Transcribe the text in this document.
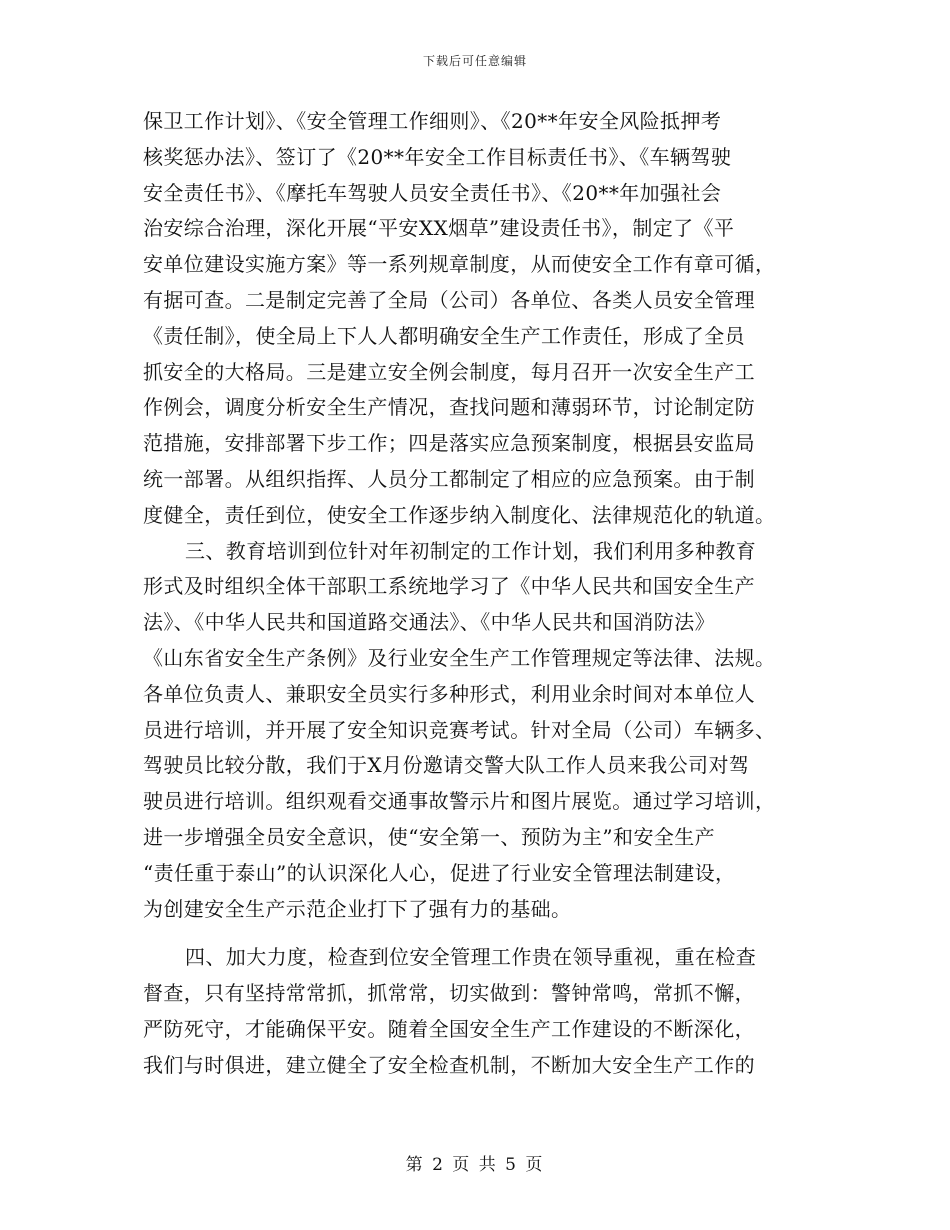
下载后可任意编辑
保卫工作计划》、《安全管理工作细则》、《20**年安全风险抵押考
核奖惩办法》、签订了《20**年安全工作目标责任书》、《车辆驾驶
安全责任书》、《摩托车驾驶人员安全责任书》、《20**年加强社会
治安综合治理，深化开展“平安XX烟草”建设责任书》，制定了《平
安单位建设实施方案》等一系列规章制度，从而使安全工作有章可循，
有据可查。二是制定完善了全局（公司）各单位、各类人员安全管理
《责任制》，使全局上下人人都明确安全生产工作责任，形成了全员
抓安全的大格局。三是建立安全例会制度，每月召开一次安全生产工
作例会，调度分析安全生产情况，查找问题和薄弱环节，讨论制定防
范措施，安排部署下步工作；四是落实应急预案制度，根据县安监局
统一部署。从组织指挥、人员分工都制定了相应的应急预案。由于制
度健全，责任到位，使安全工作逐步纳入制度化、法律规范化的轨道。
三、教育培训到位针对年初制定的工作计划，我们利用多种教育
形式及时组织全体干部职工系统地学习了《中华人民共和国安全生产
法》、《中华人民共和国道路交通法》、《中华人民共和国消防法》
《山东省安全生产条例》及行业安全生产工作管理规定等法律、法规。
各单位负责人、兼职安全员实行多种形式，利用业余时间对本单位人
员进行培训，并开展了安全知识竞赛考试。针对全局（公司）车辆多、
驾驶员比较分散，我们于X月份邀请交警大队工作人员来我公司对驾
驶员进行培训。组织观看交通事故警示片和图片展览。通过学习培训，
进一步增强全员安全意识，使“安全第一、预防为主”和安全生产
“责任重于泰山”的认识深化人心，促进了行业安全管理法制建设，
为创建安全生产示范企业打下了强有力的基础。
四、加大力度，检查到位安全管理工作贵在领导重视，重在检查
督查，只有坚持常常抓，抓常常，切实做到：警钟常鸣，常抓不懈，
严防死守，才能确保平安。随着全国安全生产工作建设的不断深化，
我们与时俱进，建立健全了安全检查机制，不断加大安全生产工作的
第 2 页 共 5 页
